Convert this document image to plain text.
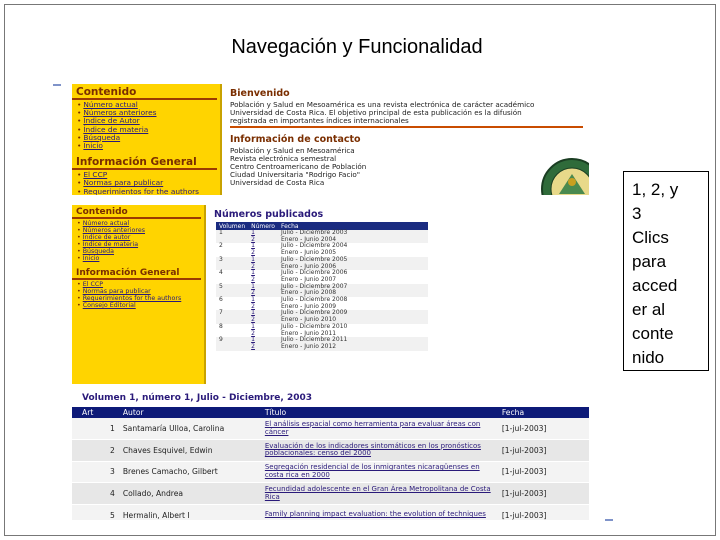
Navegación y Funcionalidad
Contenido
• Número actual
• Números anteriores
• Índice de Autor
• Índice de materia
• Búsqueda
• Inicio
Información General
• El CCP
• Normas para publicar
• Requerimientos for the authors
Bienvenido
Población y Salud en Mesoamérica es una revista electrónica de carácter académico
Universidad de Costa Rica. El objetivo principal de esta publicación es la difusión
registrada en importantes índices internacionales
Información de contacto
Población y Salud en Mesoamérica
Revista electrónica semestral
Centro Centroamericano de Población
Ciudad Universitaria "Rodrigo Facio"
Universidad de Costa Rica
Contenido
• Número actual
• Números anteriores
• Índice de autor
• Índice de materia
• Búsqueda
• Inicio
Información General
• El CCP
• Normas para publicar
• Requerimientos for the authors
• Consejo Editorial
Números publicados
Volumen	Número	Fecha
1	1	Julio - Diciembre 2003
	2	Enero - Junio 2004
2	1	Julio - Diciembre 2004
	2	Enero - Junio 2005
3	1	Julio - Diciembre 2005
	2	Enero - Junio 2006
4	1	Julio - Diciembre 2006
	2	Enero - Junio 2007
5	1	Julio - Diciembre 2007
	2	Enero - Junio 2008
6	1	Julio - Diciembre 2008
	2	Enero - Junio 2009
7	1	Julio - Diciembre 2009
	2	Enero - Junio 2010
8	1	Julio - Diciembre 2010
	2	Enero - Junio 2011
9	1	Julio - Diciembre 2011
	2	Enero - Junio 2012
Volumen 1, número 1, Julio - Diciembre, 2003
Art	Autor	Título	Fecha
1	Santamaría Ulloa, Carolina	El análisis espacial como herramienta para evaluar áreas con cáncer	[1-jul-2003]
2	Chaves Esquivel, Edwin	Evaluación de los indicadores sintomáticos en los pronósticos poblacionales: censo del 2000	[1-jul-2003]
3	Brenes Camacho, Gilbert	Segregación residencial de los inmigrantes nicaragüenses en costa rica en 2000	[1-jul-2003]
4	Collado, Andrea	Fecundidad adolescente en el Gran Área Metropolitana de Costa Rica	[1-jul-2003]
5	Hermalin, Albert I	Family planning impact evaluation: the evolution of techniques	[1-jul-2003]
1, 2, y
3
Clics
para
acced
er al
conte
nido
